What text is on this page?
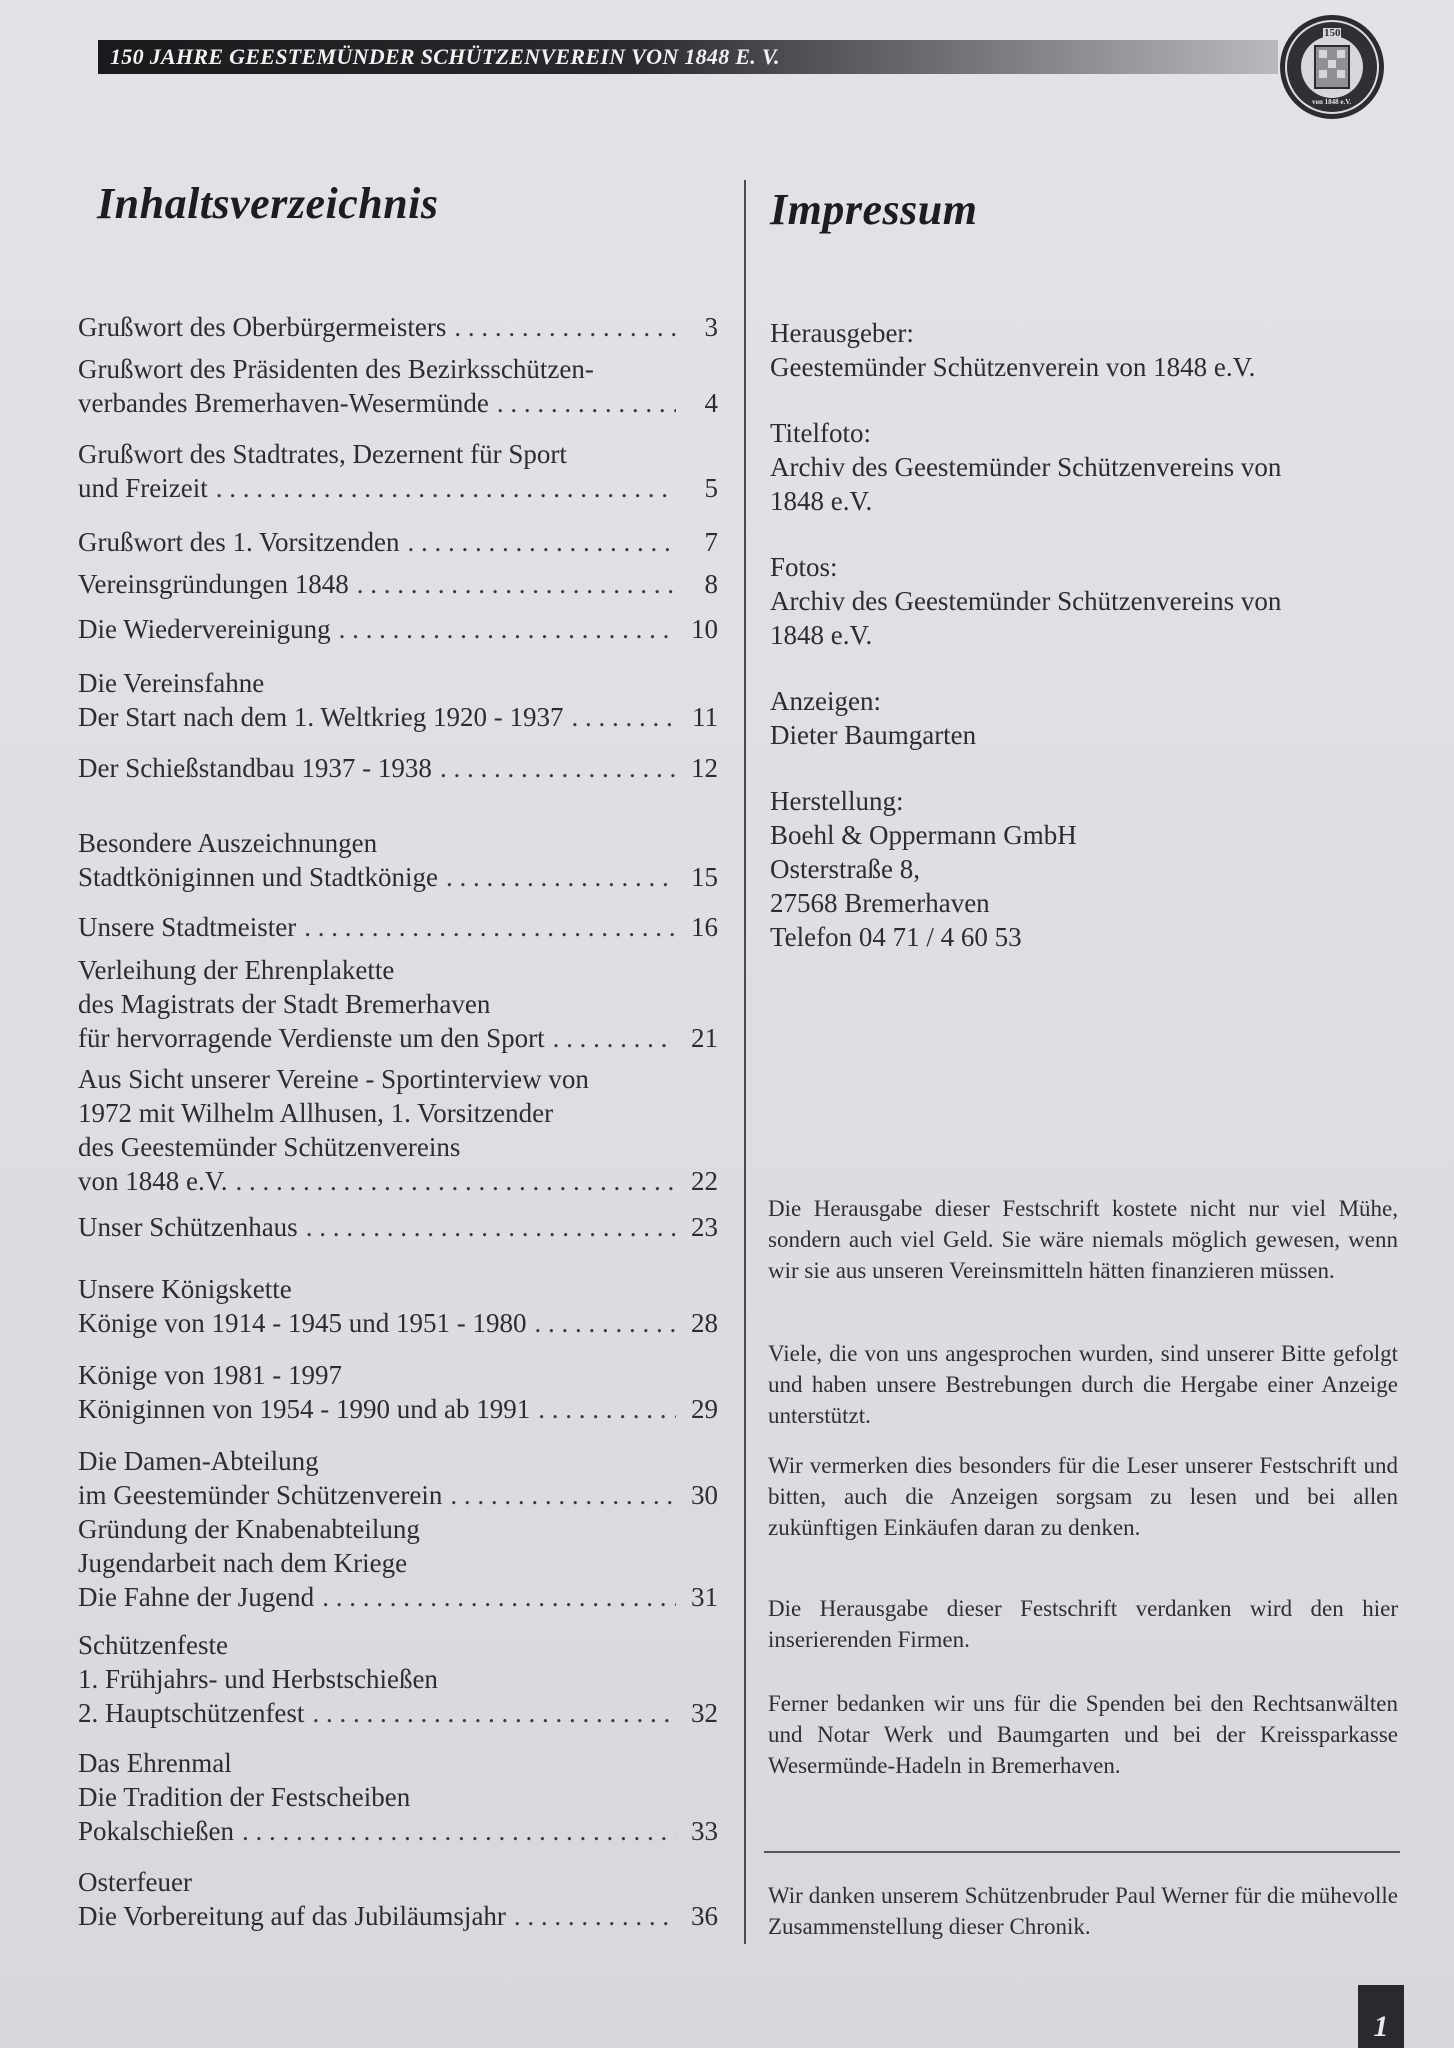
150 JAHRE GEESTEMÜNDER SCHÜTZENVEREIN VON 1848 E. V.
150
von 1848 e.V.
Inhaltsverzeichnis	Impressum
Grußwort des Oberbürgermeisters . . .	3
Grußwort des Präsidenten des Bezirksschützen-
verbandes Bremerhaven-Wesermünde . . .	4
Grußwort des Stadtrates, Dezernent für Sport
und Freizeit . . .	5
Grußwort des 1. Vorsitzenden . . .	7
Vereinsgründungen 1848 . . .	8
Die Wiedervereinigung . . .	10
Die Vereinsfahne
Der Start nach dem 1. Weltkrieg 1920 - 1937 . . .	11
Der Schießstandbau 1937 - 1938 . . .	12
Besondere Auszeichnungen
Stadtköniginnen und Stadtkönige . . .	15
Unsere Stadtmeister . . .	16
Verleihung der Ehrenplakette
des Magistrats der Stadt Bremerhaven
für hervorragende Verdienste um den Sport . . .	21
Aus Sicht unserer Vereine - Sportinterview von
1972 mit Wilhelm Allhusen, 1. Vorsitzender
des Geestemünder Schützenvereins
von 1848 e.V. . . .	22
Unser Schützenhaus . . .	23
Unsere Königskette
Könige von 1914 - 1945 und 1951 - 1980 . . .	28
Könige von 1981 - 1997
Königinnen von 1954 - 1990 und ab 1991 . . .	29
Die Damen-Abteilung
im Geestemünder Schützenverein . . .	30
Gründung der Knabenabteilung
Jugendarbeit nach dem Kriege
Die Fahne der Jugend . . .	31
Schützenfeste
1. Frühjahrs- und Herbstschießen
2. Hauptschützenfest . . .	32
Das Ehrenmal
Die Tradition der Festscheiben
Pokalschießen . . .	33
Osterfeuer
Die Vorbereitung auf das Jubiläumsjahr . . .	36
Herausgeber:
Geestemünder Schützenverein von 1848 e.V.
Titelfoto:
Archiv des Geestemünder Schützenvereins von
1848 e.V.
Fotos:
Archiv des Geestemünder Schützenvereins von
1848 e.V.
Anzeigen:
Dieter Baumgarten
Herstellung:
Boehl & Oppermann GmbH
Osterstraße 8,
27568 Bremerhaven
Telefon 04 71 / 4 60 53
Die Herausgabe dieser Festschrift kostete nicht nur viel Mühe, sondern auch viel Geld. Sie wäre niemals möglich gewesen, wenn wir sie aus unseren Vereinsmitteln hätten finanzieren müssen.
Viele, die von uns angesprochen wurden, sind unserer Bitte gefolgt und haben unsere Bestrebungen durch die Hergabe einer Anzeige unterstützt.
Wir vermerken dies besonders für die Leser unserer Festschrift und bitten, auch die Anzeigen sorgsam zu lesen und bei allen zukünftigen Einkäufen daran zu denken.
Die Herausgabe dieser Festschrift verdanken wird den hier inserierenden Firmen.
Ferner bedanken wir uns für die Spenden bei den Rechtsanwälten und Notar Werk und Baumgarten und bei der Kreissparkasse Wesermünde-Hadeln in Bremerhaven.
Wir danken unserem Schützenbruder Paul Werner für die mühevolle Zusammenstellung dieser Chronik.
1
